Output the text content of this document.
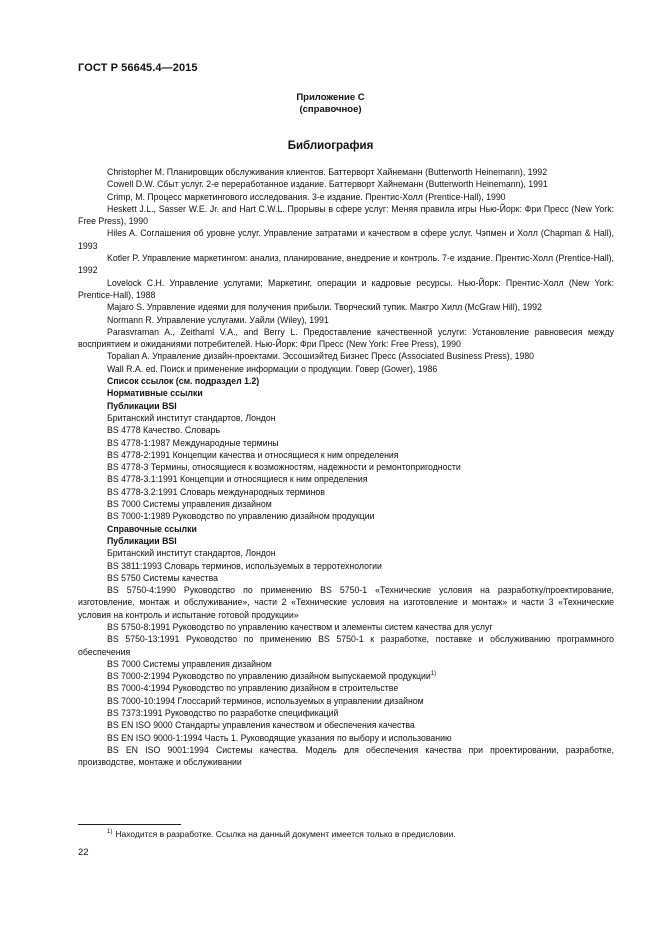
ГОСТ Р 56645.4—2015
Приложение С
(справочное)
Библиография
Christopher M. Планировщик обслуживания клиентов. Баттерворт Хайнеманн (Butterworth Heinemann), 1992
Cowell D.W. Сбыт услуг. 2-е переработанное издание. Баттерворт Хайнеманн (Butterworth Heinemann), 1991
Crimp, M. Процесс маркетингового исследования. 3-е издание. Прентис-Холл (Prentice-Hall), 1990
Heskett J.L., Sasser W.E. Jr. and Hart C.W.L. Прорывы в сфере услуг: Меняя правила игры Нью-Йорк: Фри Пресс (New York: Free Press), 1990
Hiles A. Соглашения об уровне услуг. Управление затратами и качеством в сфере услуг. Чэпмен и Холл (Chapman & Hall), 1993
Kotler P. Управление маркетингом: анализ, планирование, внедрение и контроль. 7-е издание. Прентис-Холл (Prentice-Hall), 1992
Lovelock C.H. Управление услугами; Маркетинг, операции и кадровые ресурсы. Нью-Йорк: Прентис-Холл (New York: Prentice-Hall), 1988
Majaro S. Управление идеями для получения прибыли. Творческий тупик. Макгро Хилл (McGraw Hill), 1992
Normann R. Управление услугами. Уайли (Wiley), 1991
Parasvraman A., Zeithaml V.A., and Berry L. Предоставление качественной услуги: Установление равновесия между восприятием и ожиданиями потребителей. Нью-Йорк: Фри Пресс (New York: Free Press), 1990
Topalian A. Управление дизайн-проектами. Эссошиэйтед Бизнес Пресс (Associated Business Press), 1980
Wall R.A. ed. Поиск и применение информации о продукции. Говер (Gower), 1986
Список ссылок (см. подраздел 1.2)
Нормативные ссылки
Публикации BSI
Британский институт стандартов, Лондон
BS 4778 Качество. Словарь
BS 4778-1:1987 Международные термины
BS 4778-2:1991 Концепции качества и относящиеся к ним определения
BS 4778-3 Термины, относящиеся к возможностям, надежности и ремонтопригодности
BS 4778-3.1:1991 Концепции и относящиеся к ним определения
BS 4778-3.2:1991 Словарь международных терминов
BS 7000 Системы управления дизайном
BS 7000-1:1989 Руководство по управлению дизайном продукции
Справочные ссылки
Публикации BSI
Британский институт стандартов, Лондон
BS 3811:1993 Словарь терминов, используемых в терротехнологии
BS 5750 Системы качества
BS 5750-4:1990 Руководство по применению BS 5750-1 «Технические условия на разработку/проектирование, изготовление, монтаж и обслуживание», части 2 «Технические условия на изготовление и монтаж» и части 3 «Технические условия на контроль и испытание готовой продукции»
BS 5750-8:1991 Руководство по управлению качеством и элементы систем качества для услуг
BS 5750-13:1991 Руководство по применению BS 5750-1 к разработке, поставке и обслуживанию программного обеспечения
BS 7000 Системы управления дизайном
BS 7000-2:1994 Руководство по управлению дизайном выпускаемой продукции$^{1)}$
BS 7000-4:1994 Руководство по управлению дизайном в строительстве
BS 7000-10:1994 Глоссарий терминов, используемых в управлении дизайном
BS 7373:1991 Руководство по разработке спецификаций
BS EN ISO 9000 Стандарты управления качеством и обеспечения качества
BS EN ISO 9000-1:1994 Часть 1. Руководящие указания по выбору и использованию
BS EN ISO 9001:1994 Системы качества. Модель для обеспечения качества при проектировании, разработке, производстве, монтаже и обслуживании
$^{1)}$ Находится в разработке. Ссылка на данный документ имеется только в предисловии.
22
